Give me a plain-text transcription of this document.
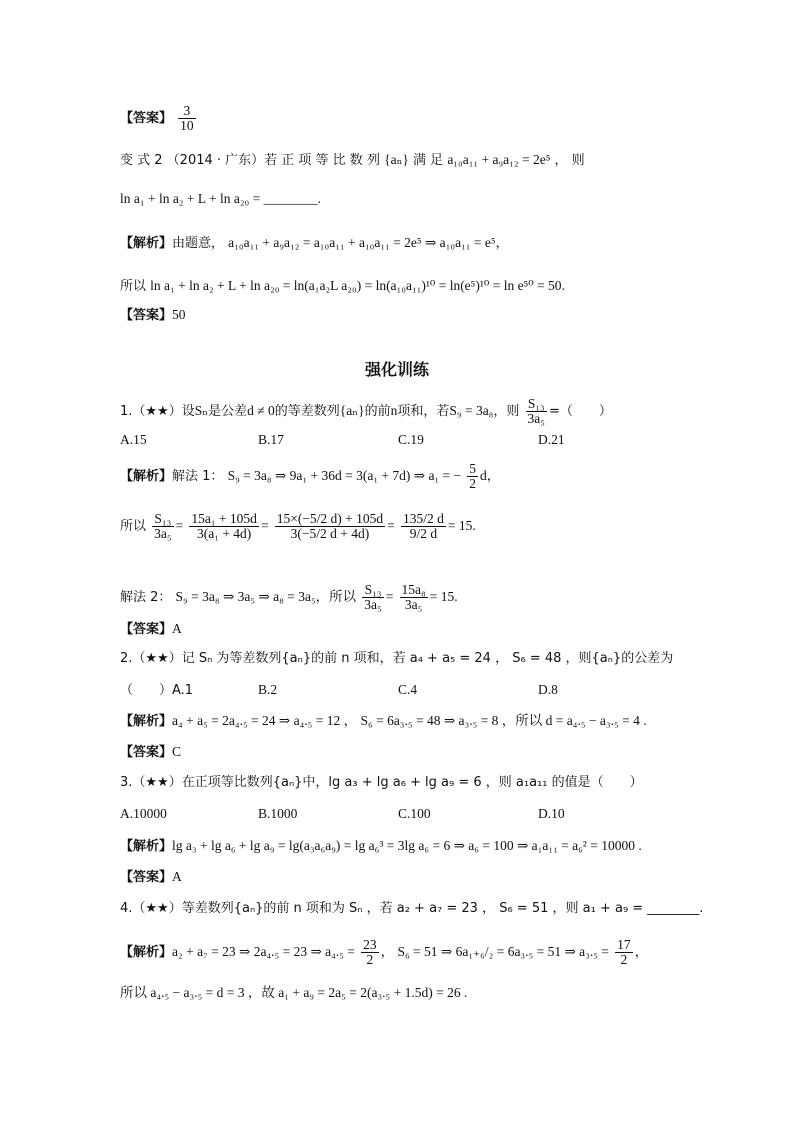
【答案】 $\frac{3}{10}$
变 式 2 （2014 · 广东）若 正 项 等 比 数 列 {aₙ} 满 足 a₁₀a₁₁ + a₉a₁₂ = 2e⁵ ， 则
ln a₁ + ln a₂ + L + ln a₂₀ = ________.
【解析】由题意， a₁₀a₁₁ + a₉a₁₂ = a₁₀a₁₁ + a₁₀a₁₁ = 2e⁵ ⇒ a₁₀a₁₁ = e⁵，
所以 ln a₁ + ln a₂ + L + ln a₂₀ = ln(a₁a₂L a₂₀) = ln(a₁₀a₁₁)¹⁰ = ln(e⁵)¹⁰ = ln e⁵⁰ = 50.
【答案】50
强化训练
1.（★★）设Sₙ是公差d ≠ 0的等差数列{aₙ}的前n项和，若S₉ = 3a₈，则 $\frac{\text{S₁₃}}{\text{3a₅}}$ =（　　）
A.15	B.17	C.19	D.21
【解析】解法 1： S₉ = 3a₈ ⇒ 9a₁ + 36d = 3(a₁ + 7d) ⇒ a₁ = − $\frac{5}{2}$ d，
所以 $\frac{\text{S₁₃}}{\text{3a₅}} = \frac{\text{15a₁ + 105d}}{\text{3(a₁ + 4d)}} = \frac{15\times(-5/2 d) + 105d}{3(-5/2 d + 4d)} = \frac{135/2 d}{9/2 d} = 15$.
解法 2： S₉ = 3a₈ ⇒ 3a₅ ⇒ a₈ = 3a₅，所以 $\frac{\text{S₁₃}}{\text{3a₅}} = \frac{\text{15a₈}}{\text{3a₅}} = 15$.
【答案】A
2.（★★）记 Sₙ 为等差数列{aₙ}的前 n 项和，若 a₄ + a₅ = 24 ， S₆ = 48 ，则{aₙ}的公差为
（　　）A.1	B.2	C.4	D.8
【解析】a₄ + a₅ = 2a₄.₅ = 24 ⇒ a₄.₅ = 12 ， S₆ = 6a₃.₅ = 48 ⇒ a₃.₅ = 8 ，所以 d = a₄.₅ − a₃.₅ = 4 .
【答案】C
3.（★★）在正项等比数列{aₙ}中，lg a₃ + lg a₆ + lg a₉ = 6 ，则 a₁a₁₁ 的值是（　　）
A.10000	B.1000	C.100	D.10
【解析】lg a₃ + lg a₆ + lg a₉ = lg(a₃a₆a₉) = lg a₆³ = 3lg a₆ = 6 ⇒ a₆ = 100 ⇒ a₁a₁₁ = a₆² = 10000 .
【答案】A
4.（★★）等差数列{aₙ}的前 n 项和为 Sₙ ，若 a₂ + a₇ = 23 ， S₆ = 51 ，则 a₁ + a₉ = ________.
【解析】a₂ + a₇ = 23 ⇒ 2a₄.₅ = 23 ⇒ $a_4._5 = \frac{23}{2}$ ， S₆ = 51 ⇒ 6a₁₊₆/₂ = 6a₃.₅ = 51 ⇒ $a_3._5 = \frac{17}{2}$ ，
所以 a₄.₅ − a₃.₅ = d = 3 ，故 a₁ + a₉ = 2a₅ = 2(a₃.₅ + 1.5d) = 26 .
